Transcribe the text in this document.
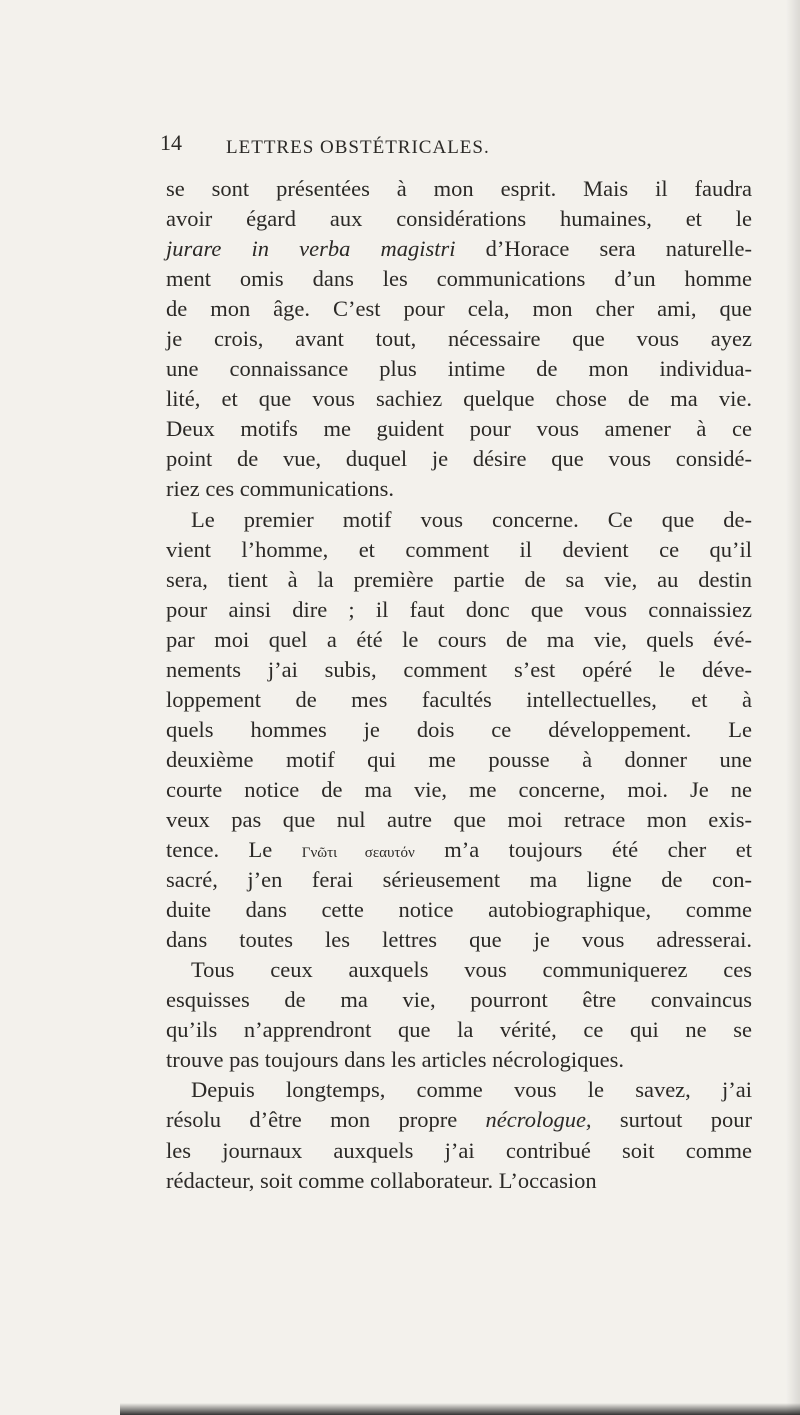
14 LETTRES OBSTÉTRICALES.
se sont présentées à mon esprit. Mais il faudra
avoir égard aux considérations humaines, et le
jurare in verba magistri d’Horace sera naturelle-
ment omis dans les communications d’un homme
de mon âge. C’est pour cela, mon cher ami, que
je crois, avant tout, nécessaire que vous ayez
une connaissance plus intime de mon individua-
lité, et que vous sachiez quelque chose de ma vie.
Deux motifs me guident pour vous amener à ce
point de vue, duquel je désire que vous considé-
riez ces communications.
Le premier motif vous concerne. Ce que de-
vient l’homme, et comment il devient ce qu’il
sera, tient à la première partie de sa vie, au destin
pour ainsi dire ; il faut donc que vous connaissiez
par moi quel a été le cours de ma vie, quels évé-
nements j’ai subis, comment s’est opéré le déve-
loppement de mes facultés intellectuelles, et à
quels hommes je dois ce développement. Le
deuxième motif qui me pousse à donner une
courte notice de ma vie, me concerne, moi. Je ne
veux pas que nul autre que moi retrace mon exis-
tence. Le Γνῶτι σεαυτόν m’a toujours été cher et
sacré, j’en ferai sérieusement ma ligne de con-
duite dans cette notice autobiographique, comme
dans toutes les lettres que je vous adresserai.
Tous ceux auxquels vous communiquerez ces
esquisses de ma vie, pourront être convaincus
qu’ils n’apprendront que la vérité, ce qui ne se
trouve pas toujours dans les articles nécrologiques.
Depuis longtemps, comme vous le savez, j’ai
résolu d’être mon propre nécrologue, surtout pour
les journaux auxquels j’ai contribué soit comme
rédacteur, soit comme collaborateur. L’occasion
